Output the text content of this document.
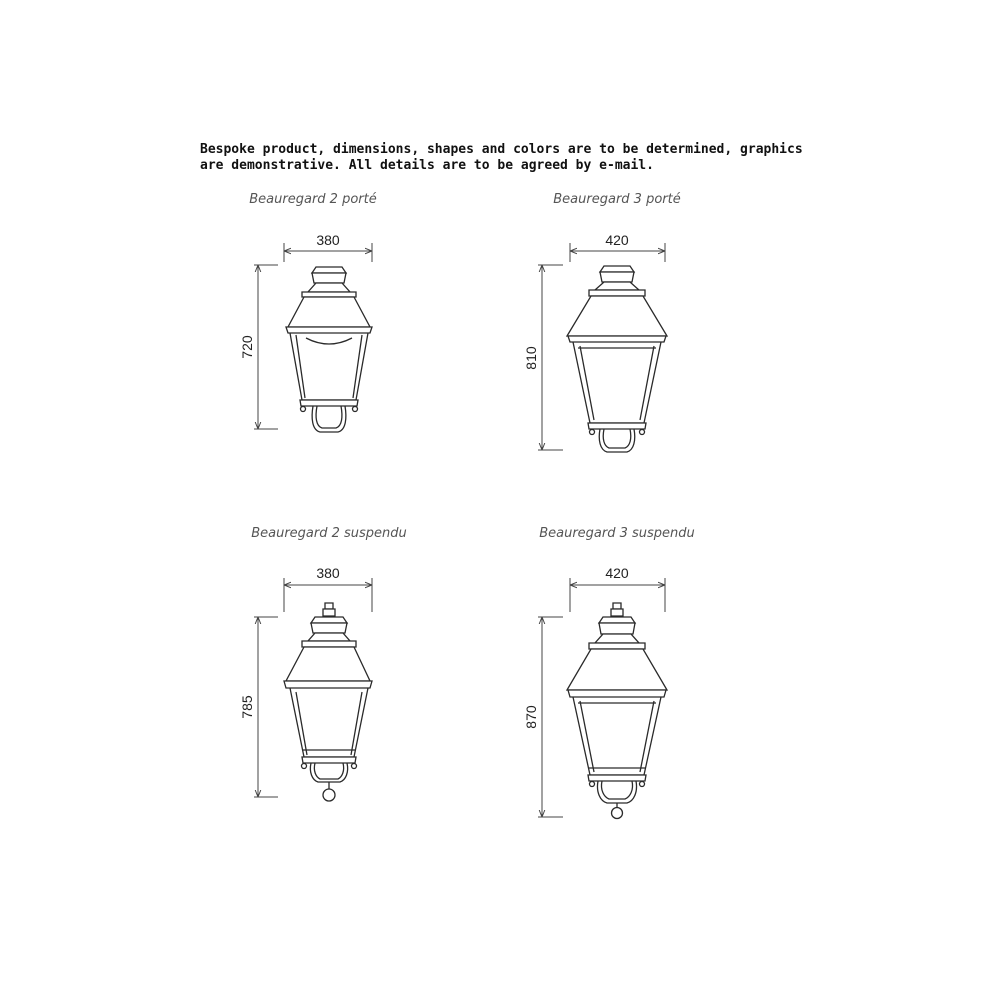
Bespoke product, dimensions, shapes and colors are to be determined, graphics
are demonstrative. All details are to be agreed by e-mail.

Beauregard 2 porté
380
720
Beauregard 3 porté
420
810
Beauregard 2 suspendu
380
785
Beauregard 3 suspendu
420
870
